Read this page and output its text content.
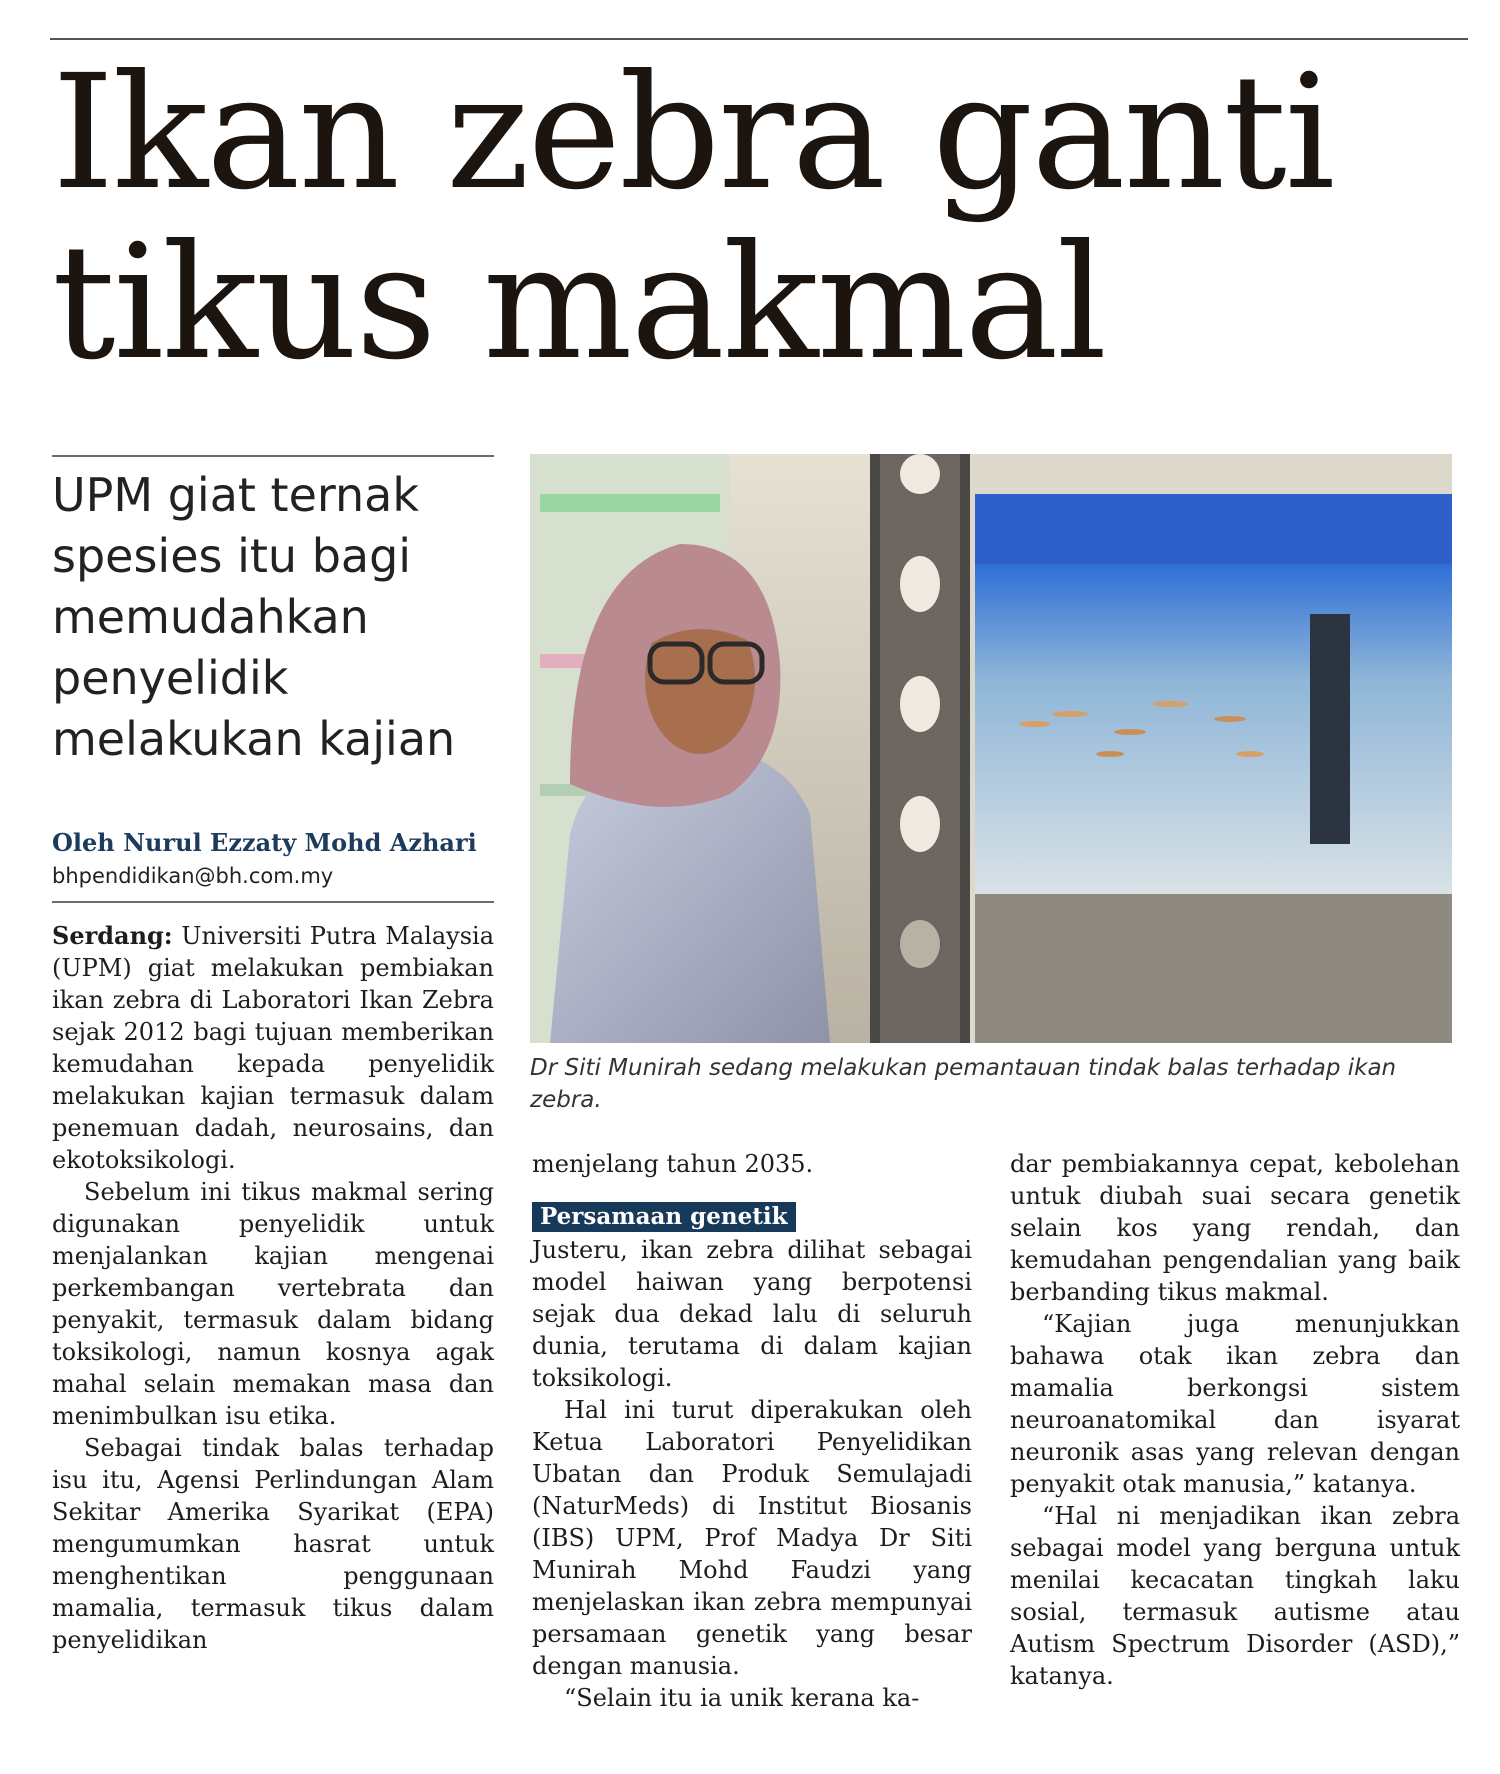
Ikan zebra ganti
tikus makmal

UPM giat ternak spesies itu bagi memudahkan penyelidik melakukan kajian

Oleh Nurul Ezzaty Mohd Azhari
bhpendidikan@bh.com.my
Dr Siti Munirah sedang melakukan pemantauan tindak balas terhadap ikan zebra.

Serdang: Universiti Putra Malaysia (UPM) giat melakukan pembiakan ikan zebra di Laboratori Ikan Zebra sejak 2012 bagi tujuan memberikan kemudahan kepada penyelidik melakukan kajian termasuk dalam penemuan dadah, neurosains, dan ekotoksikologi.

Sebelum ini tikus makmal sering digunakan penyelidik untuk menjalankan kajian mengenai perkembangan vertebrata dan penyakit, termasuk dalam bidang toksikologi, namun kosnya agak mahal selain memakan masa dan menimbulkan isu etika.

Sebagai tindak balas terhadap isu itu, Agensi Perlindungan Alam Sekitar Amerika Syarikat (EPA) mengumumkan hasrat untuk menghentikan penggunaan mamalia, termasuk tikus dalam penyelidikan

menjelang tahun 2035.

Persamaan genetik

Justeru, ikan zebra dilihat sebagai model haiwan yang berpotensi sejak dua dekad lalu di seluruh dunia, terutama di dalam kajian toksikologi.

Hal ini turut diperakukan oleh Ketua Laboratori Penyelidikan Ubatan dan Produk Semulajadi (NaturMeds) di Institut Biosanis (IBS) UPM, Prof Madya Dr Siti Munirah Mohd Faudzi yang menjelaskan ikan zebra mempunyai persamaan genetik yang besar dengan manusia.

“Selain itu ia unik kerana ka-

dar pembiakannya cepat, kebolehan untuk diubah suai secara genetik selain kos yang rendah, dan kemudahan pengendalian yang baik berbanding tikus makmal.

“Kajian juga menunjukkan bahawa otak ikan zebra dan mamalia berkongsi sistem neuroanatomikal dan isyarat neuronik asas yang relevan dengan penyakit otak manusia,” katanya.

“Hal ni menjadikan ikan zebra sebagai model yang berguna untuk menilai kecacatan tingkah laku sosial, termasuk autisme atau Autism Spectrum Disorder (ASD),” katanya.
